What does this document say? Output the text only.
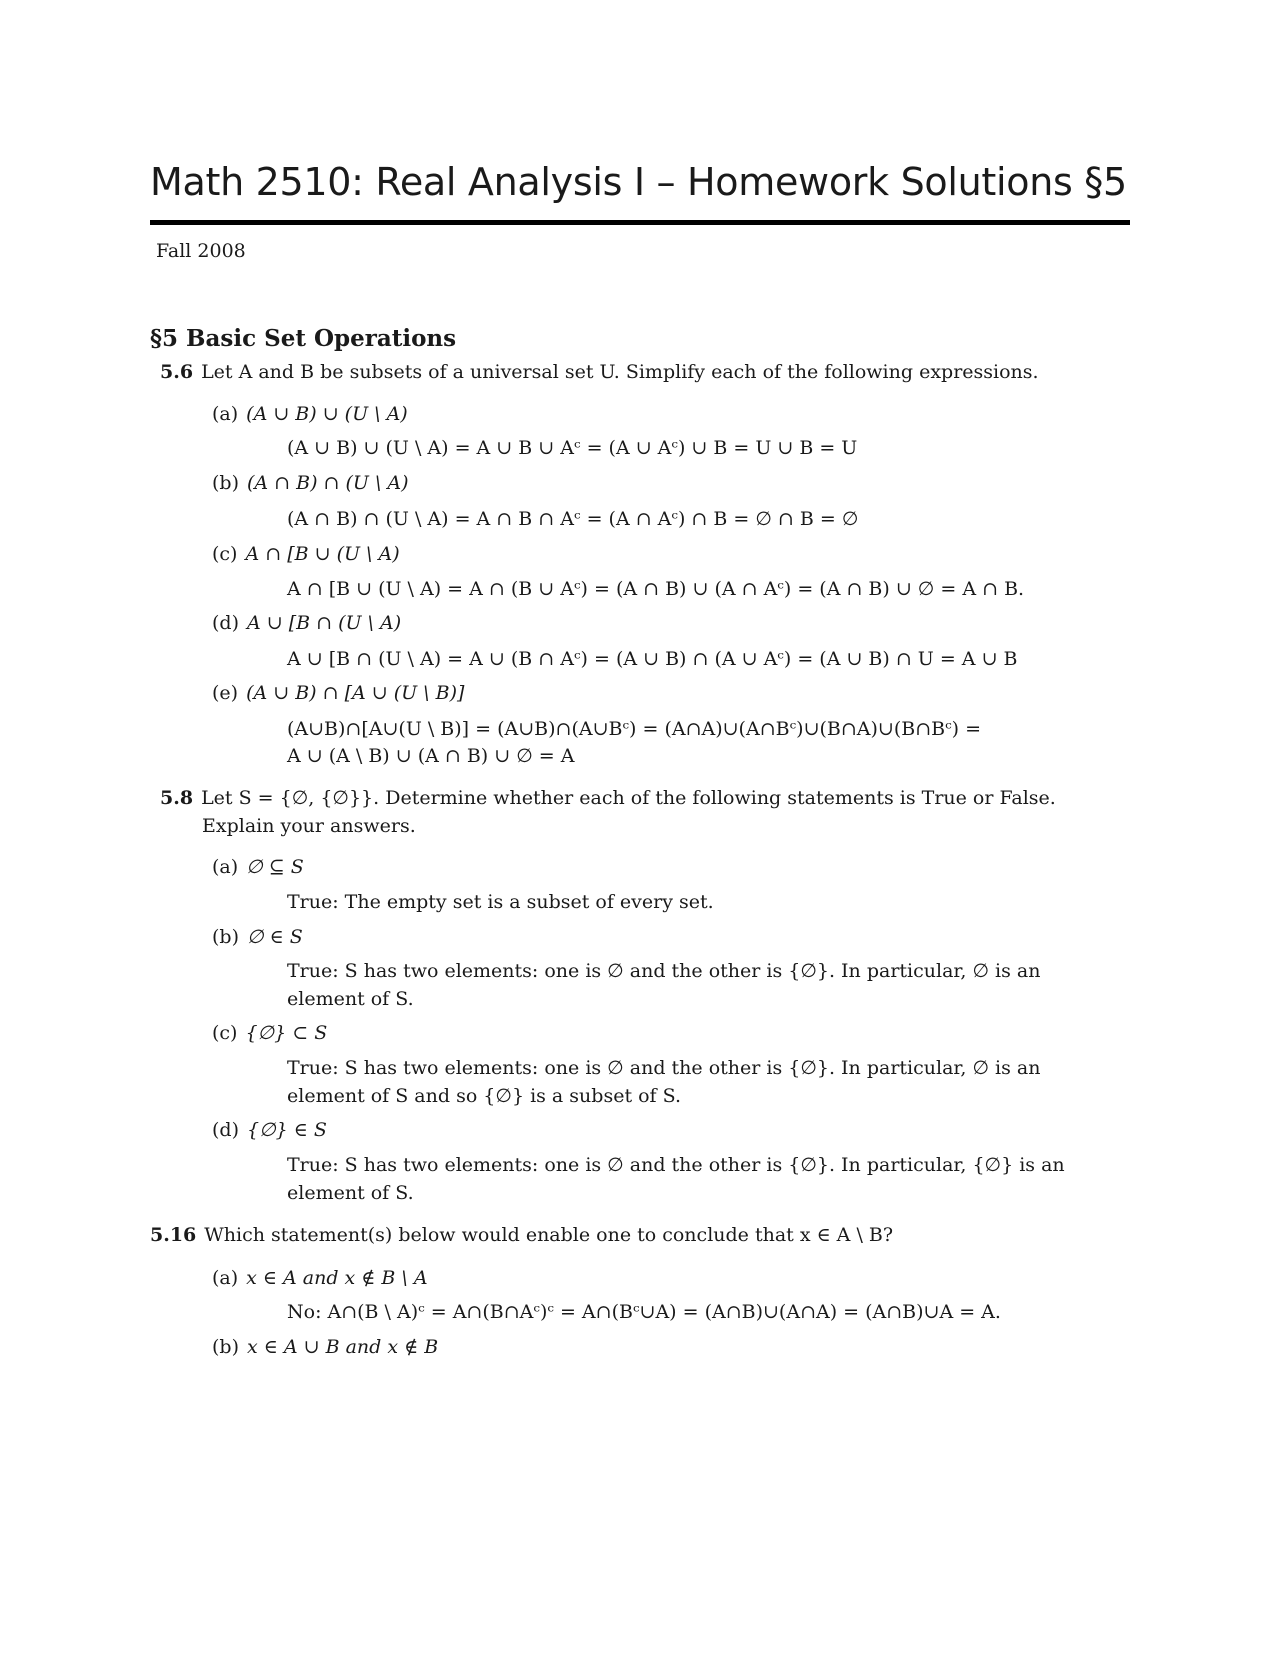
Math 2510: Real Analysis I – Homework Solutions §5
Fall 2008
§5 Basic Set Operations
5.6 Let A and B be subsets of a universal set U. Simplify each of the following expressions.
(a) (A ∪ B) ∪ (U \ A)
(A ∪ B) ∪ (U \ A) = A ∪ B ∪ Aᶜ = (A ∪ Aᶜ) ∪ B = U ∪ B = U
(b) (A ∩ B) ∩ (U \ A)
(A ∩ B) ∩ (U \ A) = A ∩ B ∩ Aᶜ = (A ∩ Aᶜ) ∩ B = ∅ ∩ B = ∅
(c) A ∩ [B ∪ (U \ A)
A ∩ [B ∪ (U \ A) = A ∩ (B ∪ Aᶜ) = (A ∩ B) ∪ (A ∩ Aᶜ) = (A ∩ B) ∪ ∅ = A ∩ B.
(d) A ∪ [B ∩ (U \ A)
A ∪ [B ∩ (U \ A) = A ∪ (B ∩ Aᶜ) = (A ∪ B) ∩ (A ∪ Aᶜ) = (A ∪ B) ∩ U = A ∪ B
(e) (A ∪ B) ∩ [A ∪ (U \ B)]
(A∪B)∩[A∪(U \ B)] = (A∪B)∩(A∪Bᶜ) = (A∩A)∪(A∩Bᶜ)∪(B∩A)∪(B∩Bᶜ) =
A ∪ (A \ B) ∪ (A ∩ B) ∪ ∅ = A
5.8 Let S = {∅, {∅}}. Determine whether each of the following statements is True or False. Explain your answers.
(a) ∅ ⊆ S
True: The empty set is a subset of every set.
(b) ∅ ∈ S
True: S has two elements: one is ∅ and the other is {∅}. In particular, ∅ is an element of S.
(c) {∅} ⊂ S
True: S has two elements: one is ∅ and the other is {∅}. In particular, ∅ is an element of S and so {∅} is a subset of S.
(d) {∅} ∈ S
True: S has two elements: one is ∅ and the other is {∅}. In particular, {∅} is an element of S.
5.16 Which statement(s) below would enable one to conclude that x ∈ A \ B?
(a) x ∈ A and x ∉ B \ A
No: A∩(B \ A)ᶜ = A∩(B∩Aᶜ)ᶜ = A∩(Bᶜ∪A) = (A∩B)∪(A∩A) = (A∩B)∪A = A.
(b) x ∈ A ∪ B and x ∉ B
